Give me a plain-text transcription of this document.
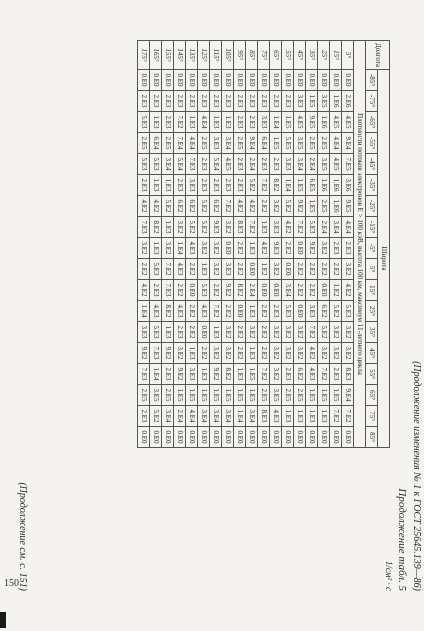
(Продолжение изменения № 1 к ГОСТ 25645.139—86)
Продолжение табл. 5
1/см² · с
Долгота	Широта																	
	-85°	-75°	-65°	-55°	-45°	-35°	-25°	-15°	-5°	5°	15°	25°	35°	45°	55°	65°	75°	85°
Плотности потоков электронов Е > 100 кэВ, высота 100 км, максимум 11-летнего цикла																		
5°	0.E0	2.E6	4.E5	9.E4	7.E5	3.E6	9.E5	4.E4	2.E3	3.E2	4.E2	5.E3	3.E2	3.E2	8.E3	9.E4	7.E2	0.E0
15°	0.E0	1.E6	4.E5	4.E4	4.E5	1.E6	1.E6	3.E4	2.E3	2.E2	1.E2	5.E2	3.E2	3.E2	2.E3	1.E5	7.E2	0.E0
25°	0.E0	3.E5	1.E6	2.E5	3.E5	1.E6	2.E5	2.E4	3.E2	2.E2	0.E0	6.E2	5.E2	3.E2	7.E2	1.E5	1.E3	0.E0
35°	0.E0	1.E5	9.E5	2.E5	2.E4	6.E5	1.E5	5.E3	9.E2	2.E2	2.E2	3.E3	7.E2	4.E2	4.E3	1.E5	1.E3	0.E0
45°	0.E0	3.E3	4.E5	3.E5	3.E4	1.E5	9.E2	7.E2	0.E0	2.E2	2.E2	0.E0	3.E2	3.E2	6.E2	2.E5	1.E3	0.E0
55°	0.E0	2.E3	1.E5	5.E5	3.E3	1.E4	5.E2	4.E2	2.E2	0.E0	3.E4	5.E3	3.E2	3.E2	2.E3	2.E5	1.E3	0.E0
65°	0.E0	2.E3	1.E4	1.E5	2.E3	8.E2	3.E2	3.E3	9.E3	3.E2	0.E0	2.E3	3.E2	3.E2	3.E2	3.E5	4.E3	0.E0
75°	0.E0	2.E3	3.E3	6.E4	2.E3	7.E2	2.E2	1.E3	4.E2	1.E2	0.E0	2.E2	2.E2	2.E2	7.E2	2.E5	8.E3	0.E0
85°	0.E0	2.E3	2.E3	9.E4	2.E4	5.E2	4.E2	7.E2	1.E3	0.E0	2.E4	1.E3	3.E2	1.E3	1.E5	1.E5	3.E4	0.E0
95°	0.E0	2.E3	2.E3	2.E5	2.E3	2.E3	4.E2	8.E3	2.E2	2.E2	8.E2	0.E0	2.E2	2.E2	1.E3	1.E5	1.E4	0.E0
105°	0.E0	2.E3	1.E3	3.E4	4.E5	2.E3	7.E2	3.E2	0.E0	3.E3	9.E2	2.E2	3.E2	3.E2	8.E2	1.E5	3.E4	0.E0
115°	0.E0	2.E3	1.E3	3.E3	5.E4	2.E3	6.E2	9.E3	3.E2	3.E2	2.E2	7.E2	1.E3	3.E2	9.E2	1.E5	3.E4	0.E0
125°	0.E0	2.E3	4.E4	2.E5	2.E3	2.E3	5.E2	5.E2	3.E2	1.E3	5.E3	4.E3	0.E0	2.E2	1.E3	1.E5	3.E4	0.E0
135°	0.E0	2.E3	1.E3	4.E4	7.E3	3.E3	6.E2	5.E2	4.E3	2.E2	0.E0	2.E2	2.E2	1.E3	3.E3	1.E5	4.E4	0.E0
145°	0.E0	2.E3	7.E2	7.E4	5.E4	2.E3	6.E2	3.E2	1.E4	4.E3	2.E2	4.E3	2.E3	3.E2	9.E2	1.E5	2.E4	0.E0
155°	0.E0	2.E3	2.E3	2.E5	3.E4	1.E3	5.E2	1.E3	3.E2	7.E2	7.E3	8.E2	1.E3	9.E2	2.E3	2.E5	3.E4	0.E0
165°	0.E0	2.E3	1.E3	6.E4	5.E3	1.E3	4.E2	8.E2	1.E3	5.E3	2.E3	4.E3	5.E3	7.E3	1.E4	3.E5	5.E2	0.E0
175°	0.E0	2.E3	5.E3	2.E5	5.E3	2.E3	4.E2	7.E3	3.E2	2.E2	4.E2	1.E4	3.E3	9.E2	7.E3	2.E5	2.E3	0.E0
(Продолжение см. с. 151)
150
